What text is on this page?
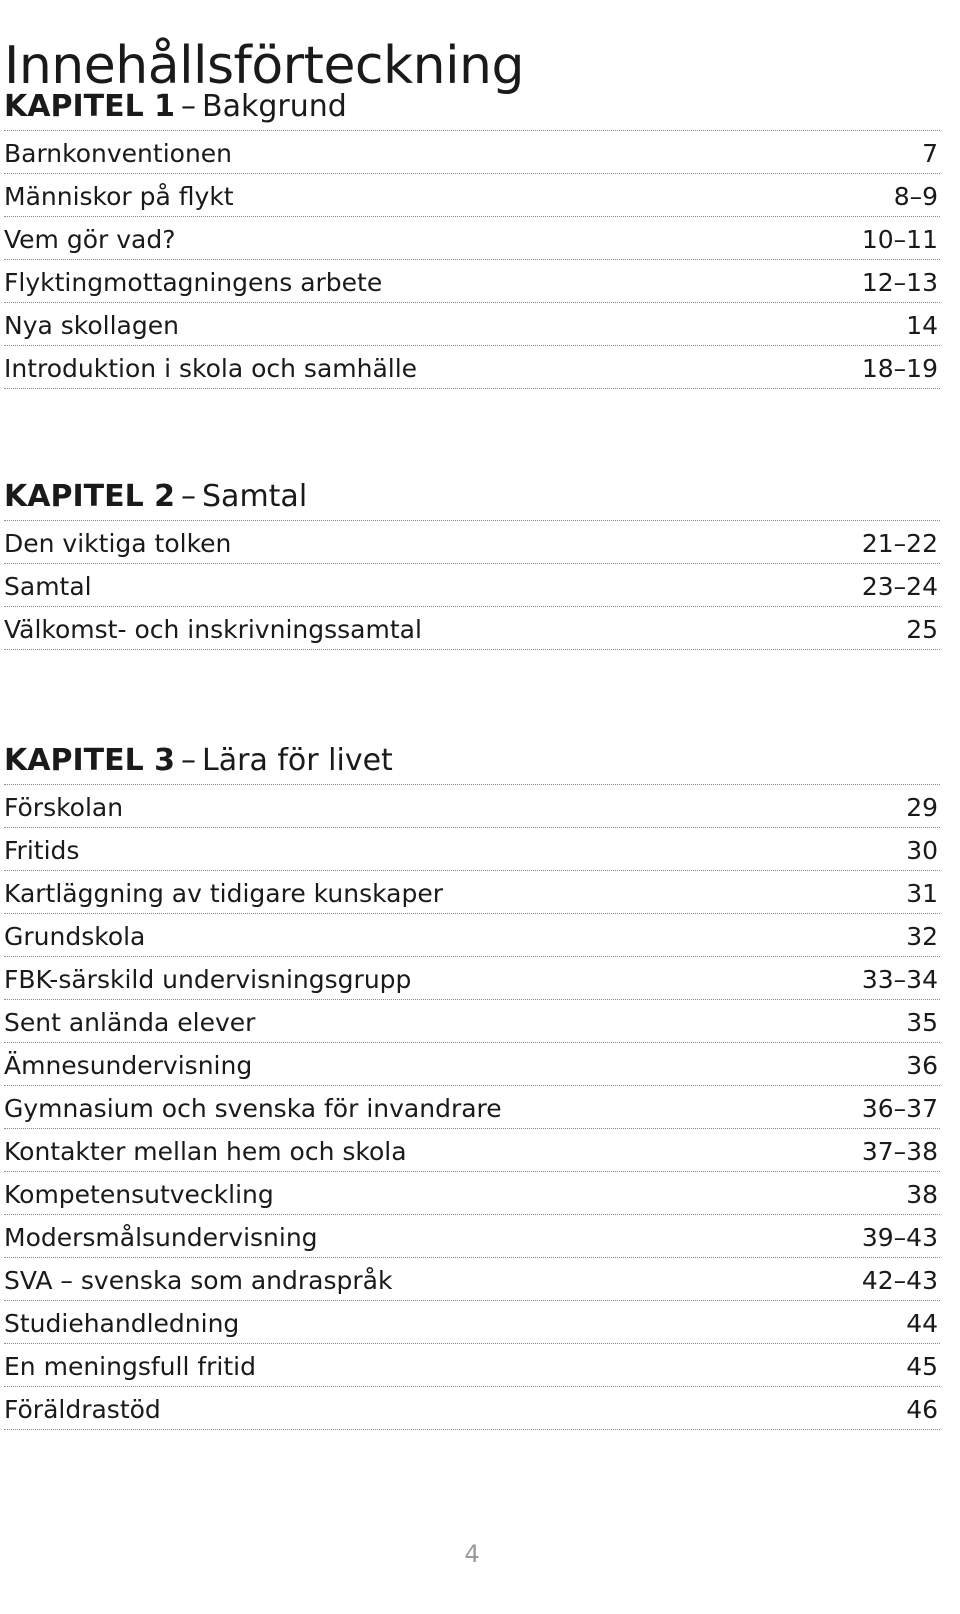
Innehållsförteckning
KAPITEL 1 – Bakgrund
Barnkonventionen	7
Människor på flykt	8–9
Vem gör vad?	10–11
Flyktingmottagningens arbete	12–13
Nya skollagen	14
Introduktion i skola och samhälle	18–19
KAPITEL 2 – Samtal
Den viktiga tolken	21–22
Samtal	23–24
Välkomst- och inskrivningssamtal	25
KAPITEL 3 – Lära för livet
Förskolan	29
Fritids	30
Kartläggning av tidigare kunskaper	31
Grundskola	32
FBK-särskild undervisningsgrupp	33–34
Sent anlända elever	35
Ämnesundervisning	36
Gymnasium och svenska för invandrare	36–37
Kontakter mellan hem och skola	37–38
Kompetensutveckling	38
Modersmålsundervisning	39–43
SVA – svenska som andraspråk	42–43
Studiehandledning	44
En meningsfull fritid	45
Föräldrastöd	46
4
